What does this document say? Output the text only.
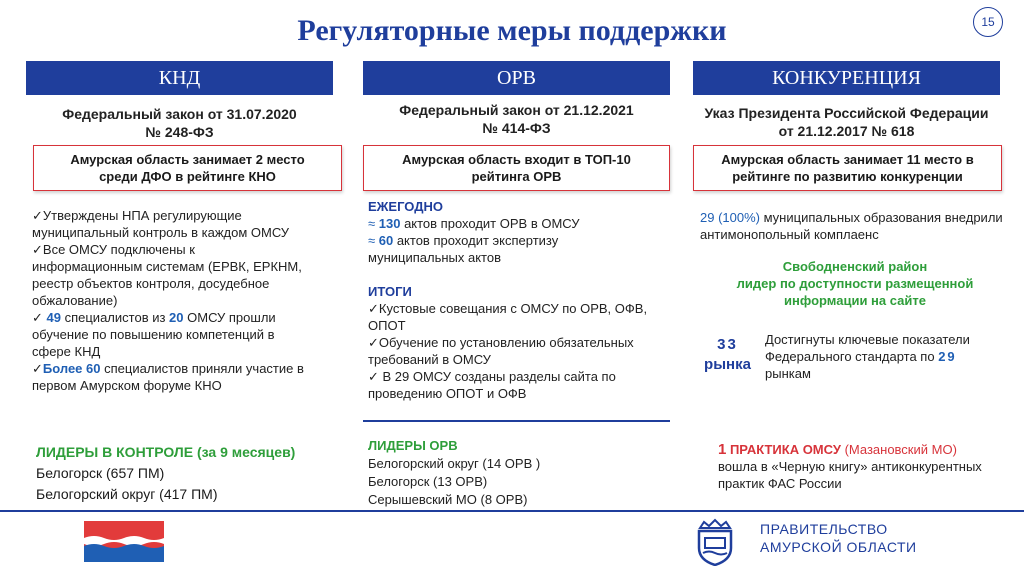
Регуляторные меры поддержки	15
КНД
Федеральный закон от 31.07.2020
№ 248-ФЗ
Амурская область занимает 2 место
среди ДФО в рейтинге КНО
✓Утверждены НПА регулирующие
муниципальный контроль в каждом ОМСУ
✓Все ОМСУ подключены к
информационным системам (ЕРВК, ЕРКНМ,
реестр объектов контроля, досудебное
обжалование)
✓ 49 специалистов из 20 ОМСУ прошли
обучение по повышению компетенций в
сфере КНД
✓Более 60 специалистов приняли участие в
первом Амурском форуме КНО
ЛИДЕРЫ В КОНТРОЛЕ (за 9 месяцев)
Белогорск (657 ПМ)
Белогорский округ (417 ПМ)
ОРВ
Федеральный закон от 21.12.2021
№ 414-ФЗ
Амурская область входит в ТОП-10
рейтинга ОРВ
ЕЖЕГОДНО
≈ 130 актов проходит ОРВ в ОМСУ
≈ 60 актов проходит экспертизу
муниципальных актов
ИТОГИ
✓Кустовые совещания с ОМСУ по ОРВ, ОФВ,
ОПОТ
✓Обучение по установлению обязательных
требований в ОМСУ
✓ В 29 ОМСУ созданы разделы сайта по
проведению ОПОТ и ОФВ
ЛИДЕРЫ ОРВ
Белогорский округ (14 ОРВ )
Белогорск (13 ОРВ)
Серышевский МО (8 ОРВ)
КОНКУРЕНЦИЯ
Указ Президента Российской Федерации
от 21.12.2017 № 618
Амурская область занимает 11 место в
рейтинге по развитию конкуренции
29 (100%) муниципальных образования внедрили
антимонопольный комплаенс
Свободненский район
лидер по доступности размещенной
информации на сайте
33
рынка
Достигнуты ключевые показатели
Федерального стандарта по 29
рынкам
1 ПРАКТИКА ОМСУ (Мазановский МО)
вошла в «Черную книгу» антиконкурентных
практик ФАС России
ПРАВИТЕЛЬСТВО
АМУРСКОЙ ОБЛАСТИ
